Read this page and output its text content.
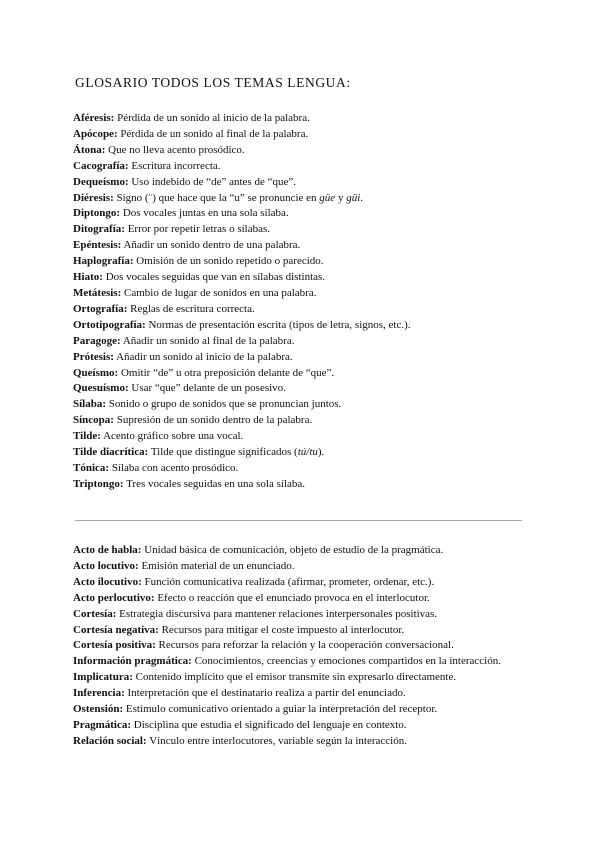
GLOSARIO TODOS LOS TEMAS LENGUA:
Aféresis: Pérdida de un sonido al inicio de la palabra.
Apócope: Pérdida de un sonido al final de la palabra.
Átona: Que no lleva acento prosódico.
Cacografía: Escritura incorrecta.
Dequeísmo: Uso indebido de “de” antes de “que”.
Diéresis: Signo (¨) que hace que la “u” se pronuncie en güe y güi.
Diptongo: Dos vocales juntas en una sola sílaba.
Ditografía: Error por repetir letras o sílabas.
Epéntesis: Añadir un sonido dentro de una palabra.
Haplografía: Omisión de un sonido repetido o parecido.
Hiato: Dos vocales seguidas que van en sílabas distintas.
Metátesis: Cambio de lugar de sonidos en una palabra.
Ortografía: Reglas de escritura correcta.
Ortotipografía: Normas de presentación escrita (tipos de letra, signos, etc.).
Paragoge: Añadir un sonido al final de la palabra.
Prótesis: Añadir un sonido al inicio de la palabra.
Queísmo: Omitir “de” u otra preposición delante de “que”.
Quesuísmo: Usar “que” delante de un posesivo.
Sílaba: Sonido o grupo de sonidos que se pronuncian juntos.
Síncopa: Supresión de un sonido dentro de la palabra.
Tilde: Acento gráfico sobre una vocal.
Tilde diacrítica: Tilde que distingue significados (tú/tu).
Tónica: Sílaba con acento prosódico.
Triptongo: Tres vocales seguidas en una sola sílaba.
Acto de habla: Unidad básica de comunicación, objeto de estudio de la pragmática.
Acto locutivo: Emisión material de un enunciado.
Acto ilocutivo: Función comunicativa realizada (afirmar, prometer, ordenar, etc.).
Acto perlocutivo: Efecto o reacción que el enunciado provoca en el interlocutor.
Cortesía: Estrategia discursiva para mantener relaciones interpersonales positivas.
Cortesía negativa: Recursos para mitigar el coste impuesto al interlocutor.
Cortesía positiva: Recursos para reforzar la relación y la cooperación conversacional.
Información pragmática: Conocimientos, creencias y emociones compartidos en la interacción.
Implicatura: Contenido implícito que el emisor transmite sin expresarlo directamente.
Inferencia: Interpretación que el destinatario realiza a partir del enunciado.
Ostensión: Estímulo comunicativo orientado a guiar la interpretación del receptor.
Pragmática: Disciplina que estudia el significado del lenguaje en contexto.
Relación social: Vínculo entre interlocutores, variable según la interacción.
